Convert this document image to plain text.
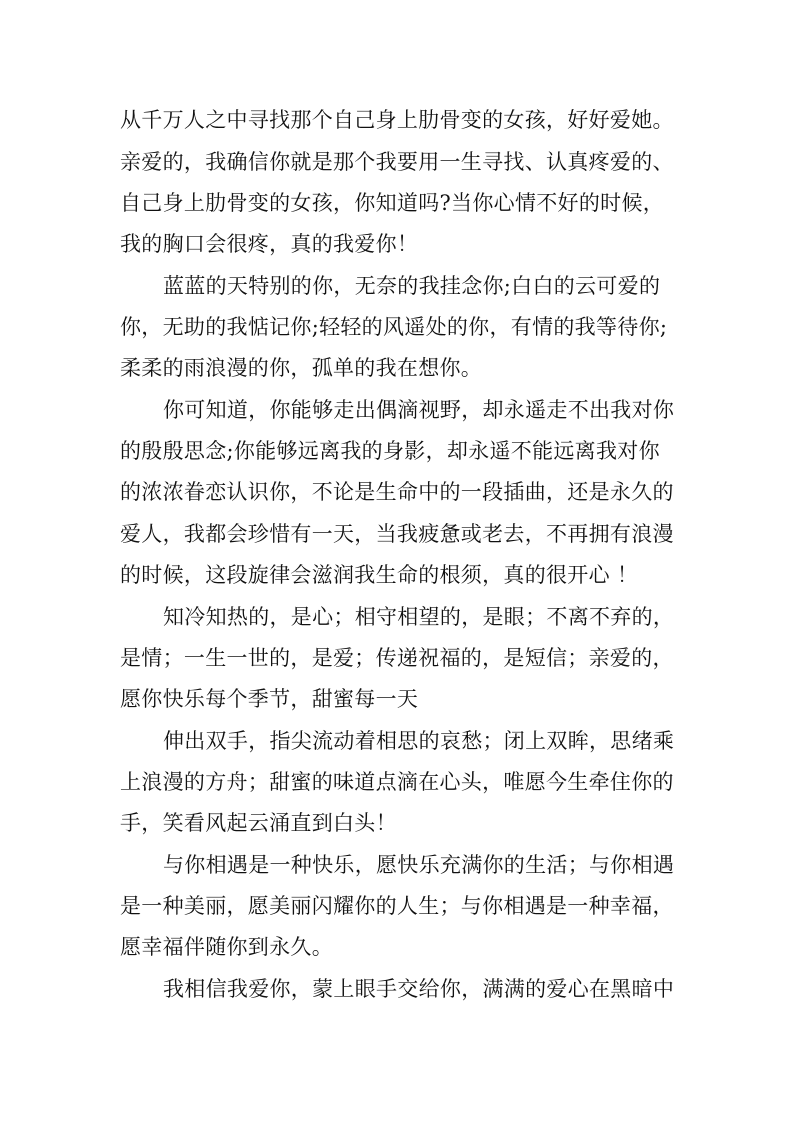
从千万人之中寻找那个自己身上肋骨变的女孩，好好爱她。
亲爱的，我确信你就是那个我要用一生寻找、认真疼爱的、
自己身上肋骨变的女孩，你知道吗?当你心情不好的时候，
我的胸口会很疼，真的我爱你！
蓝蓝的天特别的你，无奈的我挂念你;白白的云可爱的
你，无助的我惦记你;轻轻的风遥处的你，有情的我等待你;
柔柔的雨浪漫的你，孤单的我在想你。
你可知道，你能够走出偶滴视野，却永遥走不出我对你
的殷殷思念;你能够远离我的身影，却永遥不能远离我对你
的浓浓眷恋认识你，不论是生命中的一段插曲，还是永久的
爱人，我都会珍惜有一天，当我疲惫或老去，不再拥有浪漫
的时候，这段旋律会滋润我生命的根须，真的很开心 ！
知冷知热的，是心；相守相望的，是眼；不离不弃的，
是情；一生一世的，是爱；传递祝福的，是短信；亲爱的，
愿你快乐每个季节，甜蜜每一天
伸出双手，指尖流动着相思的哀愁；闭上双眸，思绪乘
上浪漫的方舟；甜蜜的味道点滴在心头，唯愿今生牵住你的
手，笑看风起云涌直到白头！
与你相遇是一种快乐，愿快乐充满你的生活；与你相遇
是一种美丽，愿美丽闪耀你的人生；与你相遇是一种幸福，
愿幸福伴随你到永久。
我相信我爱你，蒙上眼手交给你，满满的爱心在黑暗中
